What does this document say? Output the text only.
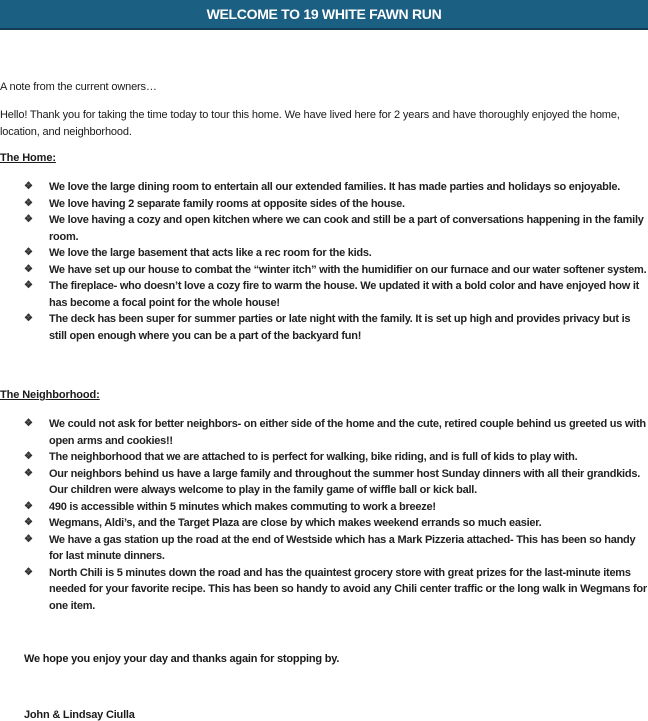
WELCOME TO 19 WHITE FAWN RUN
A note from the current owners…
Hello! Thank you for taking the time today to tour this home. We have lived here for 2 years and have thoroughly enjoyed the home, location, and neighborhood.
The Home:
❖ We love the large dining room to entertain all our extended families. It has made parties and holidays so enjoyable.
❖ We love having 2 separate family rooms at opposite sides of the house.
❖ We love having a cozy and open kitchen where we can cook and still be a part of conversations happening in the family room.
❖ We love the large basement that acts like a rec room for the kids.
❖ We have set up our house to combat the “winter itch” with the humidifier on our furnace and our water softener system.
❖ The fireplace- who doesn’t love a cozy fire to warm the house. We updated it with a bold color and have enjoyed how it has become a focal point for the whole house!
❖ The deck has been super for summer parties or late night with the family. It is set up high and provides privacy but is still open enough where you can be a part of the backyard fun!
The Neighborhood:
❖ We could not ask for better neighbors- on either side of the home and the cute, retired couple behind us greeted us with open arms and cookies!!
❖ The neighborhood that we are attached to is perfect for walking, bike riding, and is full of kids to play with.
❖ Our neighbors behind us have a large family and throughout the summer host Sunday dinners with all their grandkids. Our children were always welcome to play in the family game of wiffle ball or kick ball.
❖ 490 is accessible within 5 minutes which makes commuting to work a breeze!
❖ Wegmans, Aldi’s, and the Target Plaza are close by which makes weekend errands so much easier.
❖ We have a gas station up the road at the end of Westside which has a Mark Pizzeria attached- This has been so handy for last minute dinners.
❖ North Chili is 5 minutes down the road and has the quaintest grocery store with great prizes for the last-minute items needed for your favorite recipe. This has been so handy to avoid any Chili center traffic or the long walk in Wegmans for one item.
We hope you enjoy your day and thanks again for stopping by.
John & Lindsay Ciulla
